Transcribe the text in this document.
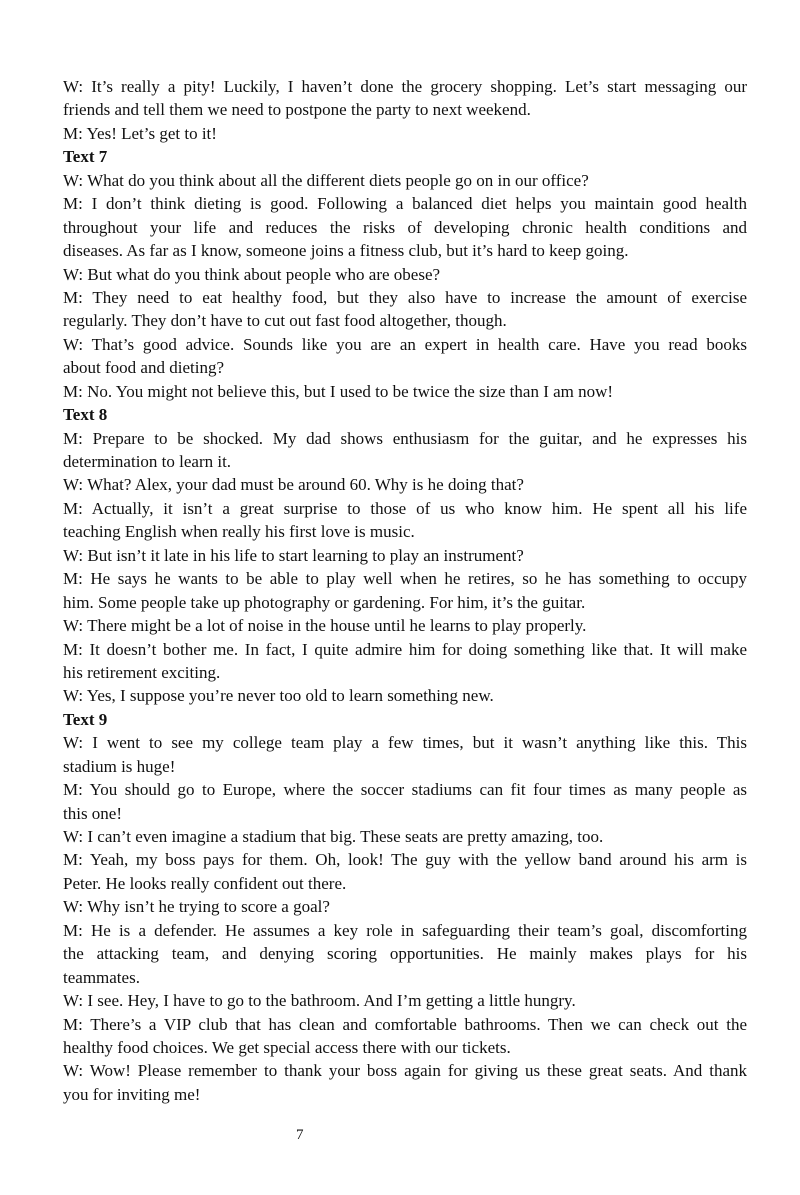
W: It’s really a pity! Luckily, I haven’t done the grocery shopping. Let’s start messaging our
friends and tell them we need to postpone the party to next weekend.
M: Yes! Let’s get to it!
Text 7
W: What do you think about all the different diets people go on in our office?
M: I don’t think dieting is good. Following a balanced diet helps you maintain good health
throughout your life and reduces the risks of developing chronic health conditions and
diseases. As far as I know, someone joins a fitness club, but it’s hard to keep going.
W: But what do you think about people who are obese?
M: They need to eat healthy food, but they also have to increase the amount of exercise
regularly. They don’t have to cut out fast food altogether, though.
W: That’s good advice. Sounds like you are an expert in health care. Have you read books
about food and dieting?
M: No. You might not believe this, but I used to be twice the size than I am now!
Text 8
M: Prepare to be shocked. My dad shows enthusiasm for the guitar, and he expresses his
determination to learn it.
W: What? Alex, your dad must be around 60. Why is he doing that?
M: Actually, it isn’t a great surprise to those of us who know him. He spent all his life
teaching English when really his first love is music.
W: But isn’t it late in his life to start learning to play an instrument?
M: He says he wants to be able to play well when he retires, so he has something to occupy
him. Some people take up photography or gardening. For him, it’s the guitar.
W: There might be a lot of noise in the house until he learns to play properly.
M: It doesn’t bother me. In fact, I quite admire him for doing something like that. It will make
his retirement exciting.
W: Yes, I suppose you’re never too old to learn something new.
Text 9
W: I went to see my college team play a few times, but it wasn’t anything like this. This
stadium is huge!
M: You should go to Europe, where the soccer stadiums can fit four times as many people as
this one!
W: I can’t even imagine a stadium that big. These seats are pretty amazing, too.
M: Yeah, my boss pays for them. Oh, look! The guy with the yellow band around his arm is
Peter. He looks really confident out there.
W: Why isn’t he trying to score a goal?
M: He is a defender. He assumes a key role in safeguarding their team’s goal, discomforting
the attacking team, and denying scoring opportunities. He mainly makes plays for his
teammates.
W: I see. Hey, I have to go to the bathroom. And I’m getting a little hungry.
M: There’s a VIP club that has clean and comfortable bathrooms. Then we can check out the
healthy food choices. We get special access there with our tickets.
W: Wow! Please remember to thank your boss again for giving us these great seats. And thank
you for inviting me!
7
